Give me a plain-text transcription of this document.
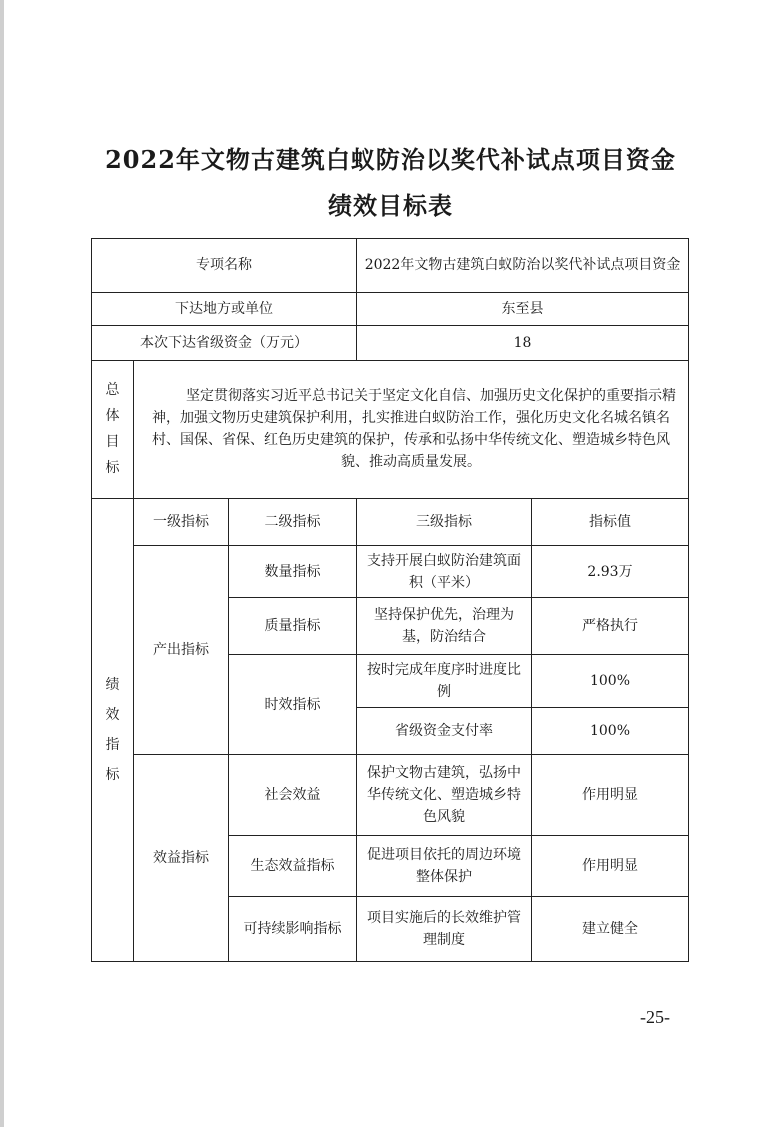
2022年文物古建筑白蚁防治以奖代补试点项目资金
绩效目标表
专项名称			2022年文物古建筑白蚁防治以奖代补试点项目资金	
下达地方或单位			东至县	
本次下达省级资金（万元）			18	

总
体
目
标	坚定贯彻落实习近平总书记关于坚定文化自信、加强历史文化保护的重要指示精神，加强文物历史建筑保护利用，扎实推进白蚁防治工作，强化历史文化名城名镇名村、国保、省保、红色历史建筑的保护，传承和弘扬中华传统文化、塑造城乡特色风貌、推动高质量发展。			

绩
效
指
标	一级指标	二级指标	三级指标	指标值
	产出指标	数量指标	支持开展白蚁防治建筑面积（平米）	2.93万
		质量指标	坚持保护优先，治理为基，防治结合	严格执行
		时效指标	按时完成年度序时进度比例	100%
			省级资金支付率	100%
	效益指标	社会效益	保护文物古建筑，弘扬中华传统文化、塑造城乡特色风貌	作用明显
		生态效益指标	促进项目依托的周边环境整体保护	作用明显
		可持续影响指标	项目实施后的长效维护管理制度	建立健全
-25-
